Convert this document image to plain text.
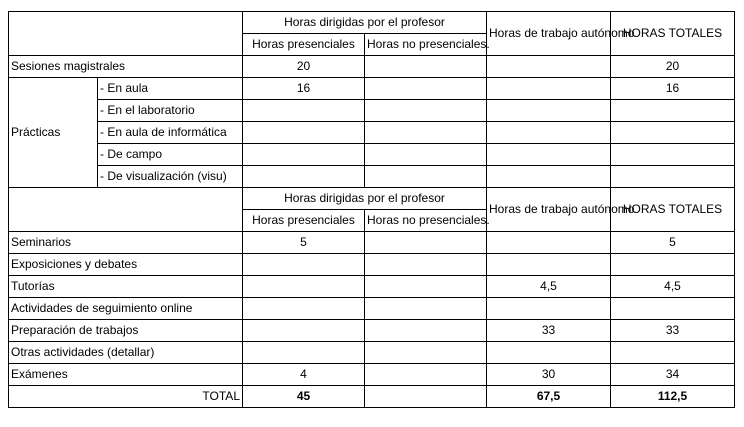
		Horas dirigidas por el profesor		Horas de trabajo autónomo	HORAS TOTALES
		Horas presenciales	Horas no presenciales.		
Sesiones magistrales		20			20
Prácticas	- En aula	16			16
	- En el laboratorio				
	- En aula de informática				
	- De campo				
	- De visualización (visu)				
		Horas dirigidas por el profesor		Horas de trabajo autónomo	HORAS TOTALES
		Horas presenciales	Horas no presenciales.		
Seminarios		5			5
Exposiciones y debates					
Tutorías				4,5	4,5
Actividades de seguimiento online					
Preparación de trabajos				33	33
Otras actividades (detallar)					
Exámenes		4		30	34
TOTAL		45		67,5	112,5
